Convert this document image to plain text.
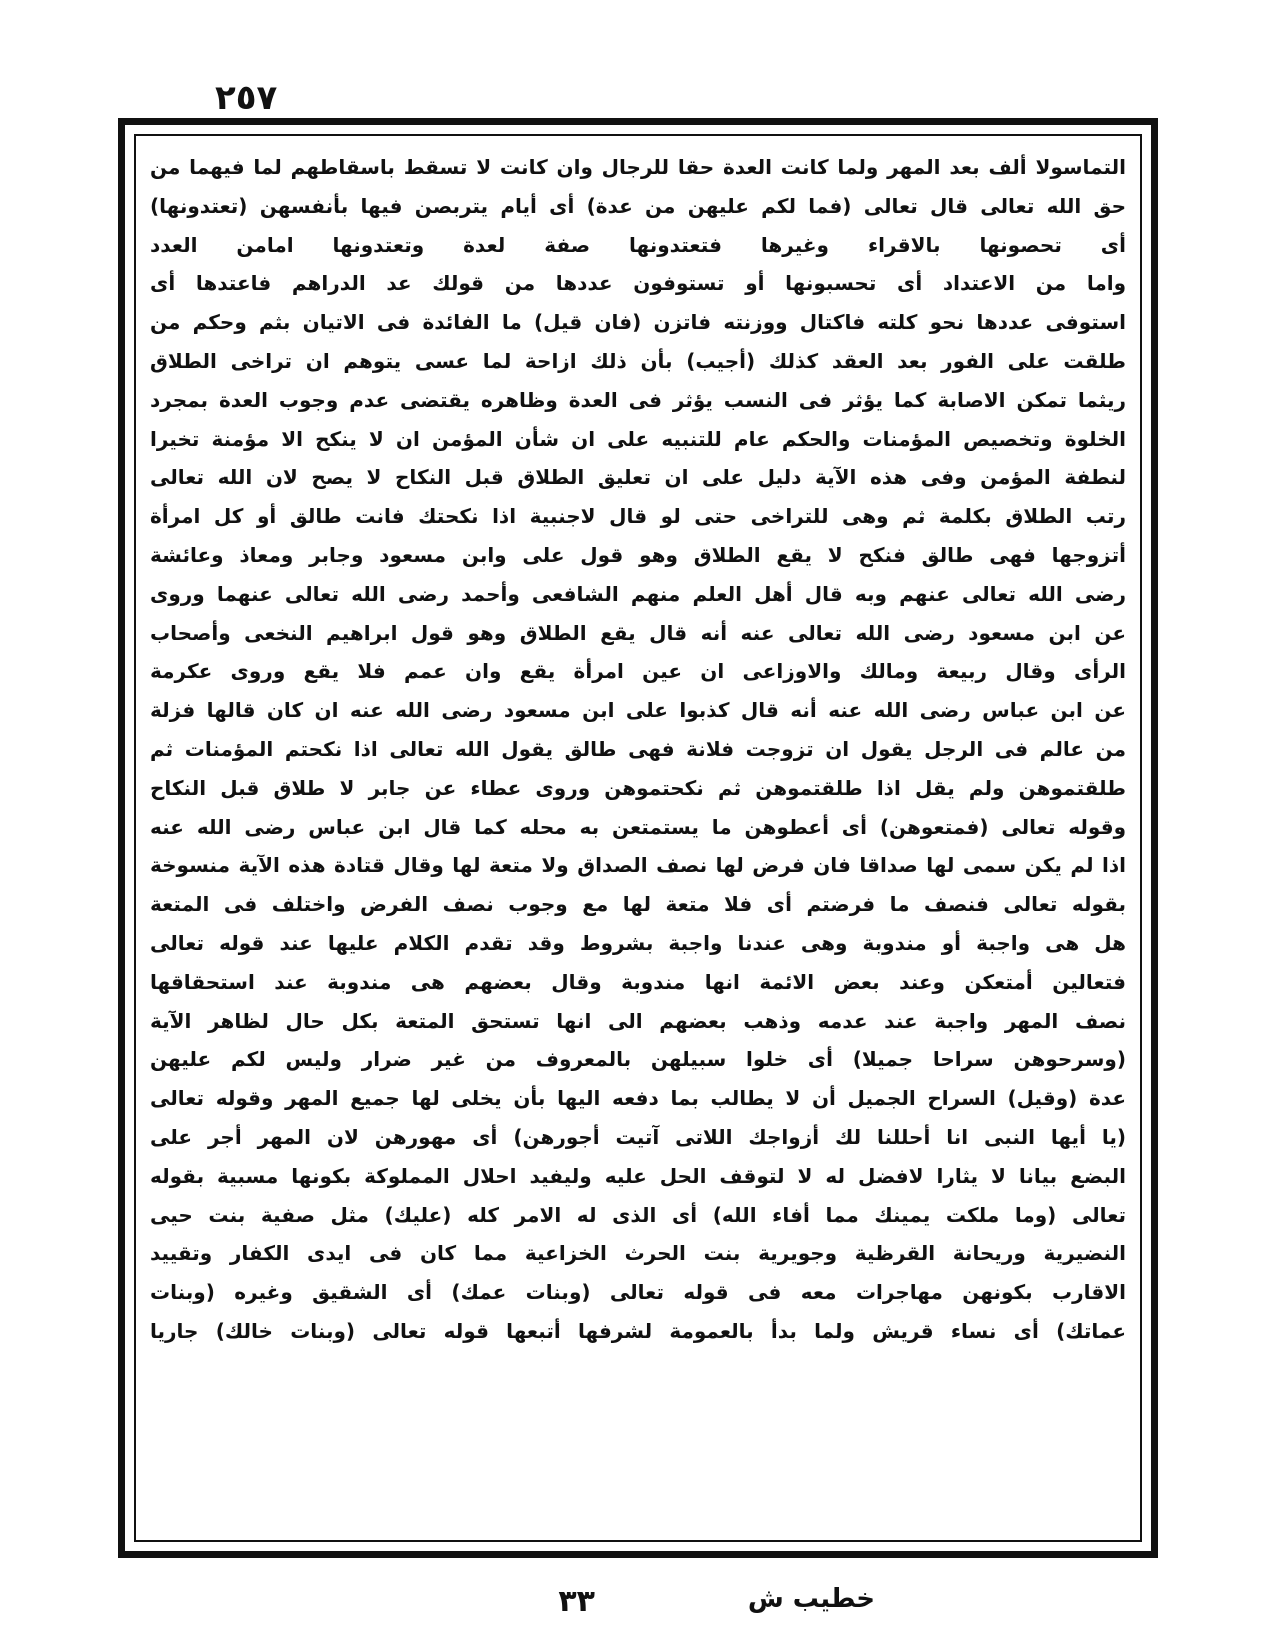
٢٥٧
التماسولا ألف بعد المهر ولما كانت العدة حقا للرجال وان كانت لا تسقط باسقاطهم لما فيهما من
حق الله تعالى قال تعالى (فما لكم عليهن من عدة) أى أيام يتربصن فيها بأنفسهن (تعتدونها)
أى تحصونها بالاقراء وغيرها فتعتدونها صفة لعدة وتعتدونها امامن العدد
واما من الاعتداد أى تحسبونها أو تستوفون عددها من قولك عد الدراهم فاعتدها أى
استوفى عددها نحو كلته فاكتال ووزنته فاتزن (فان قيل) ما الفائدة فى الاتيان بثم وحكم من
طلقت على الفور بعد العقد كذلك (أجيب) بأن ذلك ازاحة لما عسى يتوهم ان تراخى الطلاق
ريثما تمكن الاصابة كما يؤثر فى النسب يؤثر فى العدة وظاهره يقتضى عدم وجوب العدة بمجرد
الخلوة وتخصيص المؤمنات والحكم عام للتنبيه على ان شأن المؤمن ان لا ينكح الا مؤمنة تخيرا
لنطفة المؤمن وفى هذه الآية دليل على ان تعليق الطلاق قبل النكاح لا يصح لان الله تعالى
رتب الطلاق بكلمة ثم وهى للتراخى حتى لو قال لاجنبية اذا نكحتك فانت طالق أو كل امرأة
أتزوجها فهى طالق فنكح لا يقع الطلاق وهو قول على وابن مسعود وجابر ومعاذ وعائشة
رضى الله تعالى عنهم وبه قال أهل العلم منهم الشافعى وأحمد رضى الله تعالى عنهما وروى
عن ابن مسعود رضى الله تعالى عنه أنه قال يقع الطلاق وهو قول ابراهيم النخعى وأصحاب
الرأى وقال ربيعة ومالك والاوزاعى ان عين امرأة يقع وان عمم فلا يقع وروى عكرمة
عن ابن عباس رضى الله عنه أنه قال كذبوا على ابن مسعود رضى الله عنه ان كان قالها فزلة
من عالم فى الرجل يقول ان تزوجت فلانة فهى طالق يقول الله تعالى اذا نكحتم المؤمنات ثم
طلقتموهن ولم يقل اذا طلقتموهن ثم نكحتموهن وروى عطاء عن جابر لا طلاق قبل النكاح
وقوله تعالى (فمتعوهن) أى أعطوهن ما يستمتعن به محله كما قال ابن عباس رضى الله عنه
اذا لم يكن سمى لها صداقا فان فرض لها نصف الصداق ولا متعة لها وقال قتادة هذه الآية منسوخة
بقوله تعالى فنصف ما فرضتم أى فلا متعة لها مع وجوب نصف الفرض واختلف فى المتعة
هل هى واجبة أو مندوبة وهى عندنا واجبة بشروط وقد تقدم الكلام عليها عند قوله تعالى
فتعالين أمتعكن وعند بعض الائمة انها مندوبة وقال بعضهم هى مندوبة عند استحقاقها
نصف المهر واجبة عند عدمه وذهب بعضهم الى انها تستحق المتعة بكل حال لظاهر الآية
(وسرحوهن سراحا جميلا) أى خلوا سبيلهن بالمعروف من غير ضرار وليس لكم عليهن
عدة (وقيل) السراح الجميل أن لا يطالب بما دفعه اليها بأن يخلى لها جميع المهر وقوله تعالى
(يا أيها النبى انا أحللنا لك أزواجك اللاتى آتيت أجورهن) أى مهورهن لان المهر أجر على
البضع بيانا لا يثارا لافضل له لا لتوقف الحل عليه وليفيد احلال المملوكة بكونها مسبية بقوله
تعالى (وما ملكت يمينك مما أفاء الله) أى الذى له الامر كله (عليك) مثل صفية بنت حيى
النضيرية وريحانة القرظية وجويرية بنت الحرث الخزاعية مما كان فى ايدى الكفار وتقييد
الاقارب بكونهن مهاجرات معه فى قوله تعالى (وبنات عمك) أى الشقيق وغيره (وبنات
عماتك) أى نساء قريش ولما بدأ بالعمومة لشرفها أتبعها قوله تعالى (وبنات خالك) جاريا
خطيب ش
٣٣
